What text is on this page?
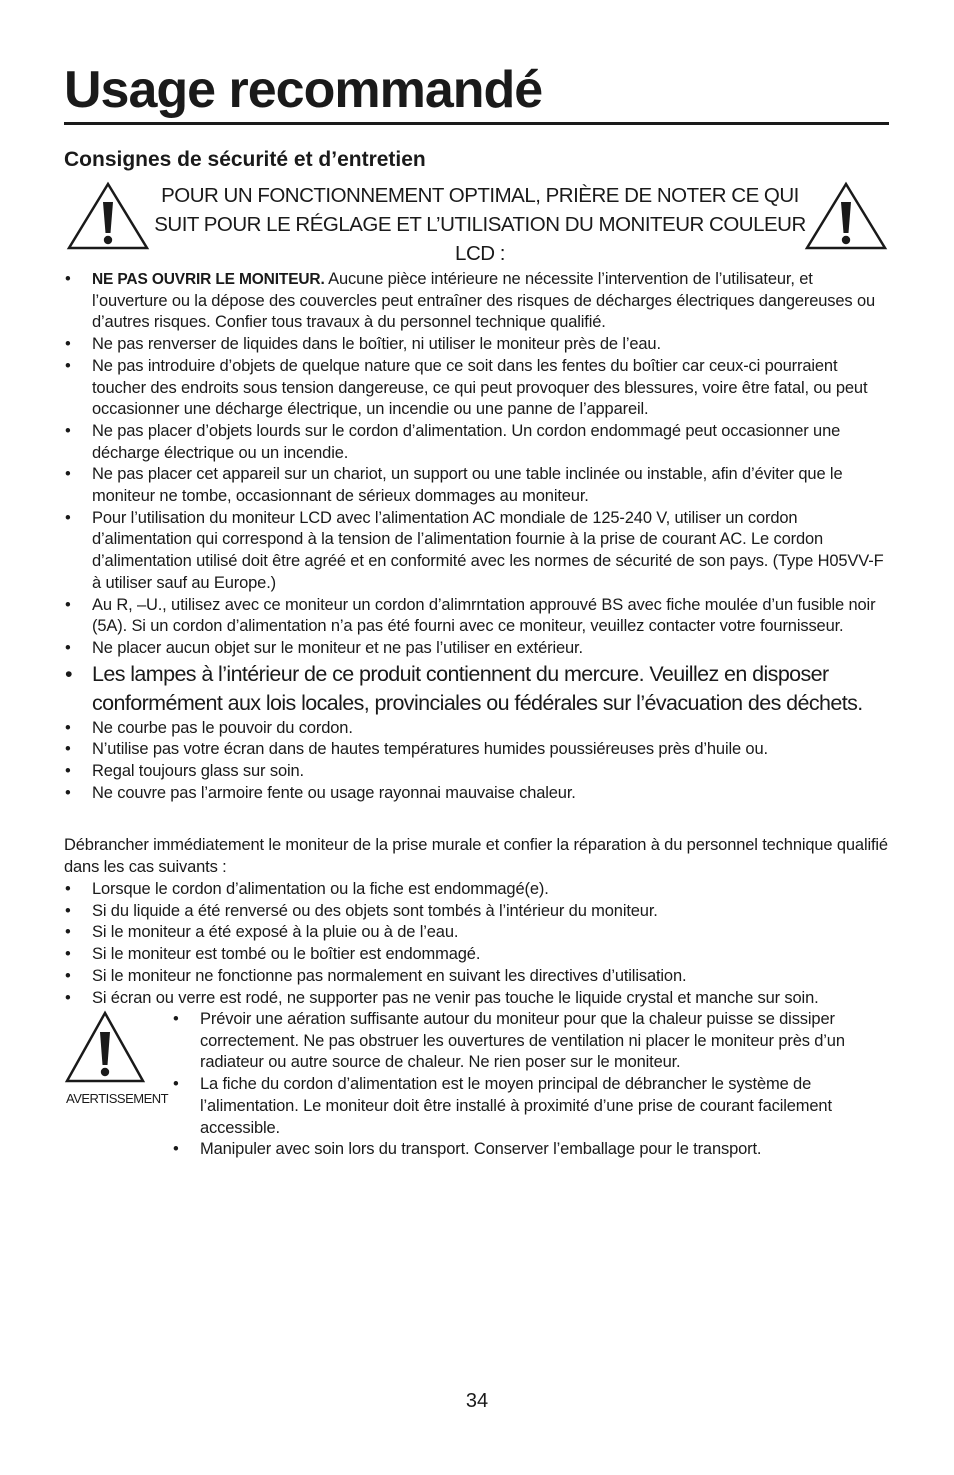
Usage recommandé
Consignes de sécurité et d’entretien

POUR UN FONCTIONNEMENT OPTIMAL, PRIÈRE DE NOTER CE QUI SUIT POUR LE RÉGLAGE ET L’UTILISATION DU MONITEUR COULEUR LCD :

• NE PAS OUVRIR LE MONITEUR. Aucune pièce intérieure ne nécessite l’intervention de l’utilisateur, et l’ouverture ou la dépose des couvercles peut entraîner des risques de décharges électriques dangereuses ou d’autres risques. Confier tous travaux à du personnel technique qualifié.
• Ne pas renverser de liquides dans le boîtier, ni utiliser le moniteur près de l’eau.
• Ne pas introduire d’objets de quelque nature que ce soit dans les fentes du boîtier car ceux-ci pourraient toucher des endroits sous tension dangereuse, ce qui peut provoquer des blessures, voire être fatal, ou peut occasionner une décharge électrique, un incendie ou une panne de l’appareil.
• Ne pas placer d’objets lourds sur le cordon d’alimentation. Un cordon endommagé peut occasionner une décharge électrique ou un incendie.
• Ne pas placer cet appareil sur un chariot, un support ou une table inclinée ou instable, afin d’éviter que le moniteur ne tombe, occasionnant de sérieux dommages au moniteur.
• Pour l’utilisation du moniteur LCD avec l’alimentation AC mondiale de 125-240 V, utiliser un cordon d’alimentation qui correspond à la tension de l’alimentation fournie à la prise de courant AC. Le cordon d’alimentation utilisé doit être agréé et en conformité avec les normes de sécurité de son pays. (Type H05VV-F à utiliser sauf au Europe.)
• Au R, –U., utilisez avec ce moniteur un cordon d’alimrntation approuvé BS avec fiche moulée d’un fusible noir (5A). Si un cordon d’alimentation n’a pas été fourni avec ce moniteur, veuillez contacter votre fournisseur.
• Ne placer aucun objet sur le moniteur et ne pas l’utiliser en extérieur.
• Les lampes à l’intérieur de ce produit contiennent du mercure. Veuillez en disposer conformément aux lois locales, provinciales ou fédérales sur l’évacuation des déchets.
• Ne courbe pas le pouvoir du cordon.
• N’utilise pas votre écran dans de hautes températures humides poussiéreuses près d’huile ou.
• Regal toujours glass sur soin.
• Ne couvre pas l’armoire fente ou usage rayonnai mauvaise chaleur.

Débrancher immédiatement le moniteur de la prise murale et confier la réparation à du personnel technique qualifié dans les cas suivants :

• Lorsque le cordon d’alimentation ou la fiche est endommagé(e).
• Si du liquide a été renversé ou des objets sont tombés à l’intérieur du moniteur.
• Si le moniteur a été exposé à la pluie ou à de l’eau.
• Si le moniteur est tombé ou le boîtier est endommagé.
• Si le moniteur ne fonctionne pas normalement en suivant les directives d’utilisation.
• Si écran ou verre est rodé, ne supporter pas ne venir pas touche le liquide crystal et manche sur soin.

AVERTISSEMENT

• Prévoir une aération suffisante autour du moniteur pour que la chaleur puisse se dissiper correctement. Ne pas obstruer les ouvertures de ventilation ni placer le moniteur près d’un radiateur ou autre source de chaleur. Ne rien poser sur le moniteur.
• La fiche du cordon d’alimentation est le moyen principal de débrancher le système de l’alimentation. Le moniteur doit être installé à proximité d’une prise de courant facilement accessible.
• Manipuler avec soin lors du transport. Conserver l’emballage pour le transport.

34
